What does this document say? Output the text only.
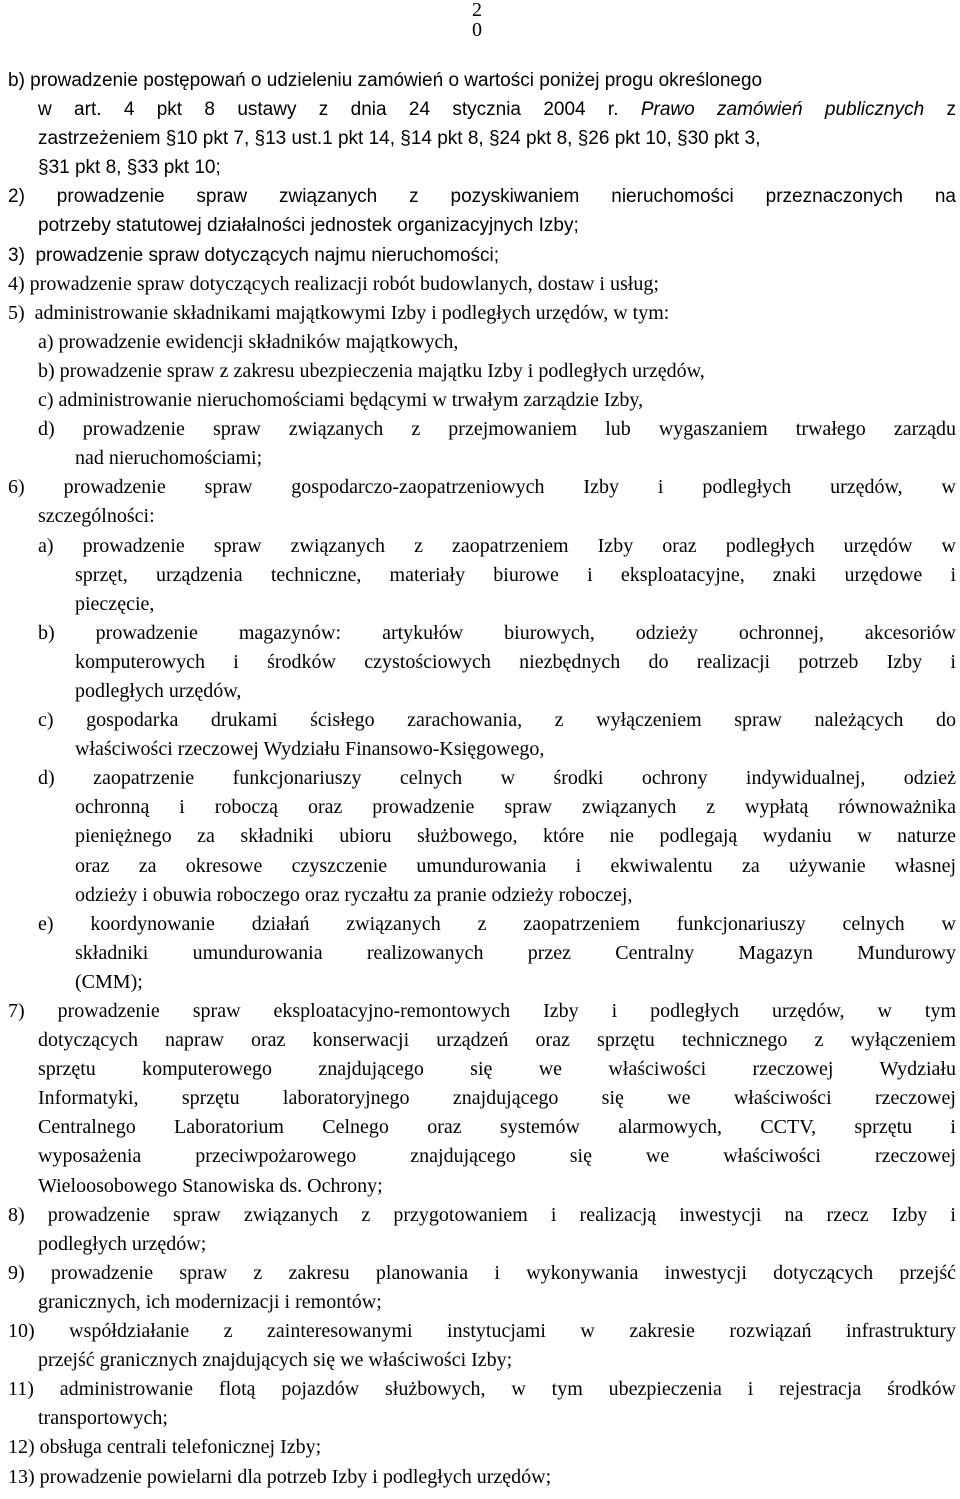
2
0
b) prowadzenie postępowań o udzieleniu zamówień o wartości poniżej progu określonego
w art. 4 pkt 8 ustawy z dnia 24 stycznia 2004 r. Prawo zamówień publicznych z
zastrzeżeniem §10 pkt 7, §13 ust.1 pkt 14, §14 pkt 8, §24 pkt 8, §26 pkt 10, §30 pkt 3,
§31 pkt 8, §33 pkt 10;
2) prowadzenie spraw związanych z pozyskiwaniem nieruchomości przeznaczonych na
potrzeby statutowej działalności jednostek organizacyjnych Izby;
3)  prowadzenie spraw dotyczących najmu nieruchomości;
4) prowadzenie spraw dotyczących realizacji robót budowlanych, dostaw i usług;
5)  administrowanie składnikami majątkowymi Izby i podległych urzędów, w tym:
a) prowadzenie ewidencji składników majątkowych,
b) prowadzenie spraw z zakresu ubezpieczenia majątku Izby i podległych urzędów,
c) administrowanie nieruchomościami będącymi w trwałym zarządzie Izby,
d) prowadzenie spraw związanych z przejmowaniem lub wygaszaniem trwałego zarządu
nad nieruchomościami;
6) prowadzenie spraw gospodarczo-zaopatrzeniowych Izby i podległych urzędów, w
szczególności:
a) prowadzenie spraw związanych z zaopatrzeniem Izby oraz podległych urzędów w
sprzęt, urządzenia techniczne, materiały biurowe i eksploatacyjne, znaki urzędowe i
pieczęcie,
b) prowadzenie magazynów: artykułów biurowych, odzieży ochronnej, akcesoriów
komputerowych i środków czystościowych niezbędnych do realizacji potrzeb Izby i
podległych urzędów,
c) gospodarka drukami ścisłego zarachowania, z wyłączeniem spraw należących do
właściwości rzeczowej Wydziału Finansowo-Księgowego,
d) zaopatrzenie funkcjonariuszy celnych w środki ochrony indywidualnej, odzież
ochronną i roboczą oraz prowadzenie spraw związanych z wypłatą równoważnika
pieniężnego za składniki ubioru służbowego, które nie podlegają wydaniu w naturze
oraz za okresowe czyszczenie umundurowania i ekwiwalentu za używanie własnej
odzieży i obuwia roboczego oraz ryczałtu za pranie odzieży roboczej,
e) koordynowanie działań związanych z zaopatrzeniem funkcjonariuszy celnych w
składniki umundurowania realizowanych przez Centralny Magazyn Mundurowy
(CMM);
7) prowadzenie spraw eksploatacyjno-remontowych Izby i podległych urzędów, w tym
dotyczących napraw oraz konserwacji urządzeń oraz sprzętu technicznego z wyłączeniem
sprzętu komputerowego znajdującego się we właściwości rzeczowej Wydziału
Informatyki, sprzętu laboratoryjnego znajdującego się we właściwości rzeczowej
Centralnego Laboratorium Celnego oraz systemów alarmowych, CCTV, sprzętu i
wyposażenia przeciwpożarowego znajdującego się we właściwości rzeczowej
Wieloosobowego Stanowiska ds. Ochrony;
8) prowadzenie spraw związanych z przygotowaniem i realizacją inwestycji na rzecz Izby i
podległych urzędów;
9) prowadzenie spraw z zakresu planowania i wykonywania inwestycji dotyczących przejść
granicznych, ich modernizacji i remontów;
10) współdziałanie z zainteresowanymi instytucjami w zakresie rozwiązań infrastruktury
przejść granicznych znajdujących się we właściwości Izby;
11) administrowanie flotą pojazdów służbowych, w tym ubezpieczenia i rejestracja środków
transportowych;
12) obsługa centrali telefonicznej Izby;
13) prowadzenie powielarni dla potrzeb Izby i podległych urzędów;
